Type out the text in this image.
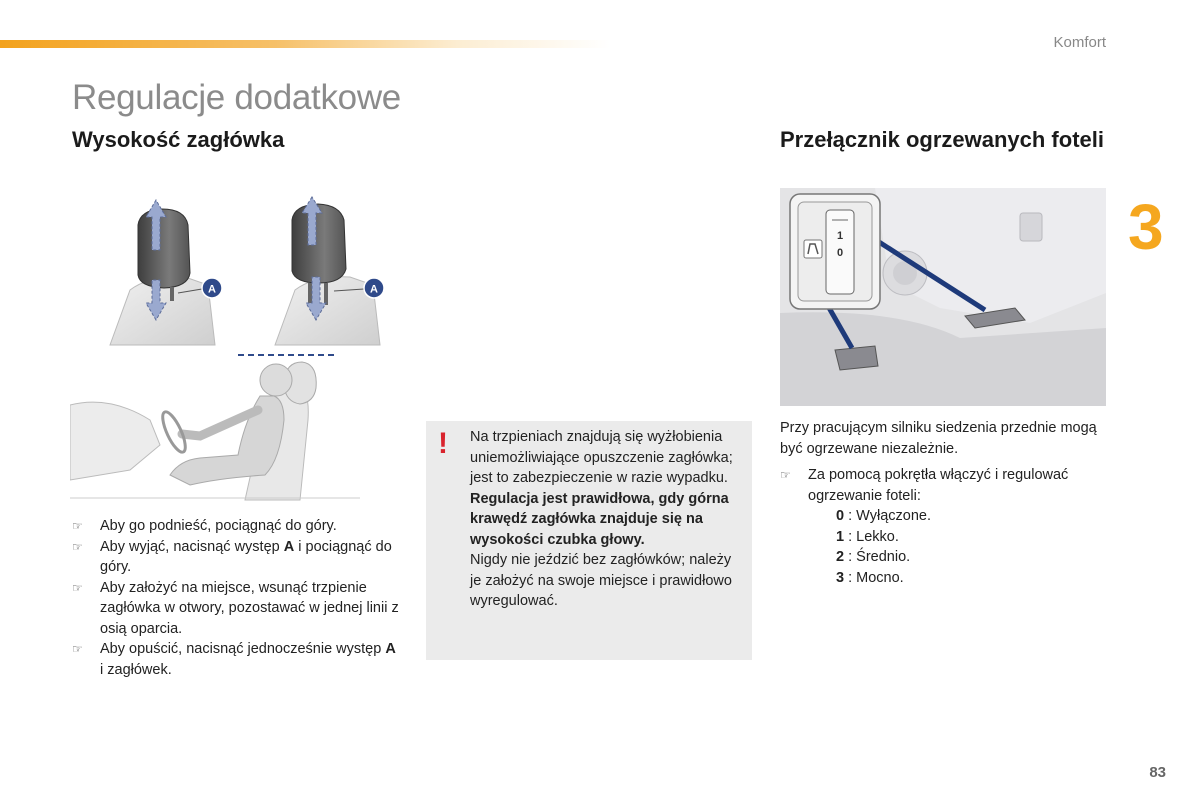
Komfort
Regulacje dodatkowe
3
Wysokość zagłówka
A	A
☞ Aby go podnieść, pociągnąć do góry.
☞ Aby wyjąć, nacisnąć występ A i pociągnąć do góry.
☞ Aby założyć na miejsce, wsunąć trzpienie zagłówka w otwory, pozostawać w jednej linii z osią oparcia.
☞ Aby opuścić, nacisnąć jednocześnie występ A i zagłówek.
! Na trzpieniach znajdują się wyżłobienia uniemożliwiające opuszczenie zagłówka; jest to zabezpieczenie w razie wypadku.

Regulacja jest prawidłowa, gdy górna krawędź zagłówka znajduje się na wysokości czubka głowy.

Nigdy nie jeździć bez zagłówków; należy je założyć na swoje miejsce i prawidłowo wyregulować.

Przełącznik ogrzewanych foteli
1
0

Przy pracującym silniku siedzenia przednie mogą być ogrzewane niezależnie.

☞ Za pomocą pokrętła włączyć i regulować ogrzewanie foteli:
0 : Wyłączone.
1 : Lekko.
2 : Średnio.
3 : Mocno.
83
